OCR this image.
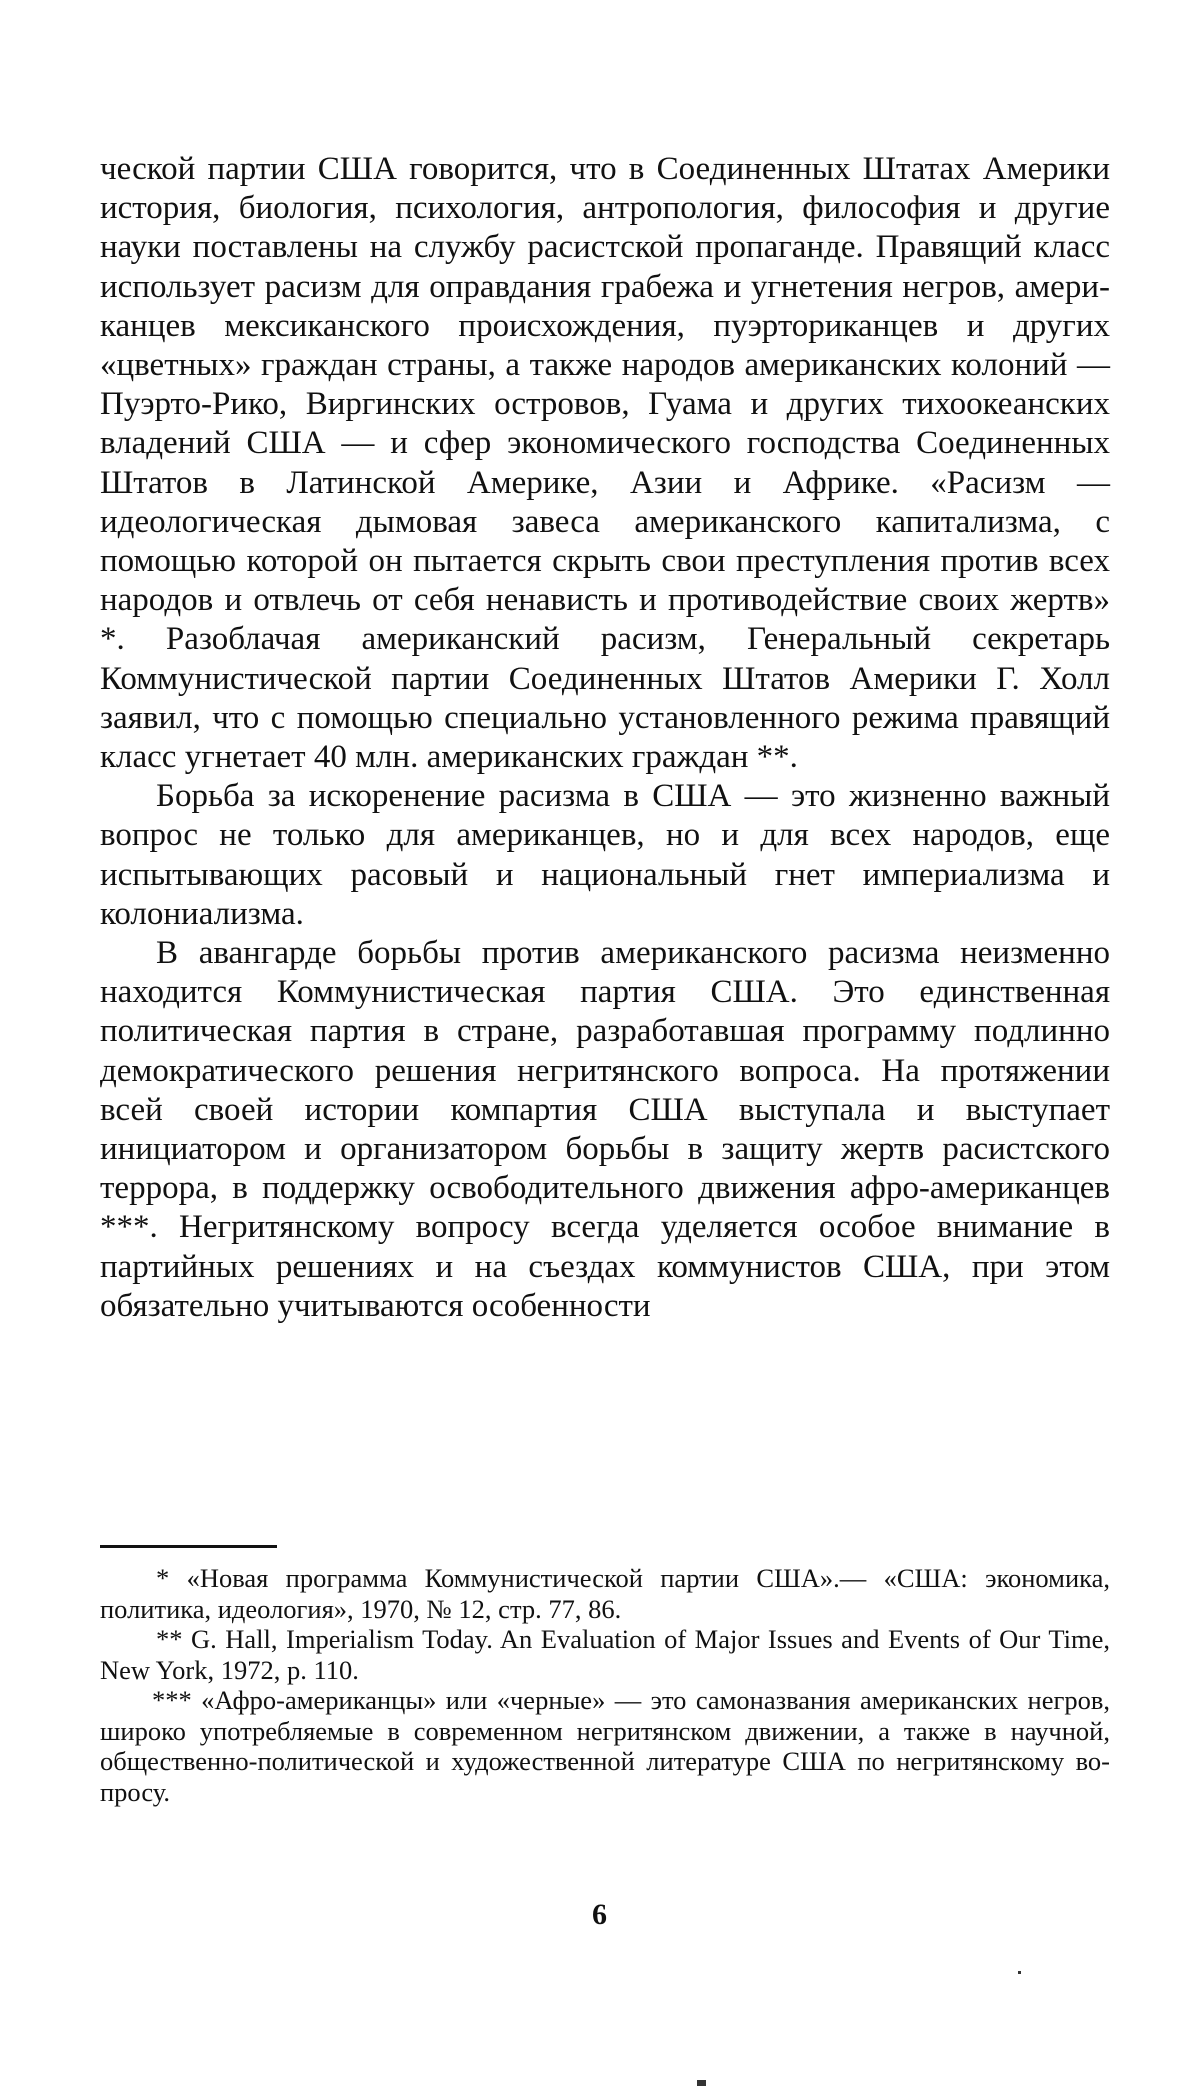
ческой партии США говорится, что в Соединенных Штатах Америки история, биология, психология, антропология, философия и другие науки поставлены на службу расистской пропаганде. Правящий класс использует расизм для оправдания грабежа и угнетения негров, американцев мексиканского происхождения, пуэрториканцев и других «цветных» граждан страны, а также народов американских колоний — Пуэрто-Рико, Виргинских островов, Гуама и других тихоокеанских владений США — и сфер экономического господства Соединенных Штатов в Латинской Америке, Азии и Африке. «Расизм — идеологическая дымовая завеса американского капитализма, с помощью которой он пытается скрыть свои преступления против всех народов и отвлечь от себя ненависть и противодействие своих жертв» *. Разоблачая американский расизм, Генеральный секретарь Коммунистической партии Соединенных Штатов Америки Г. Холл заявил, что с помощью специально установленного режима правящий класс угнетает 40 млн. американских граждан **.

Борьба за искоренение расизма в США — это жизненно важный вопрос не только для американцев, но и для всех народов, еще испытывающих расовый и национальный гнет империализма и колониализма.

В авангарде борьбы против американского расизма неизменно находится Коммунистическая партия США. Это единственная политическая партия в стране, разработавшая программу подлинно демократического решения негритянского вопроса. На протяжении всей своей истории компартия США выступала и выступает инициатором и организатором борьбы в защиту жертв расистского террора, в поддержку освободительного движения афро-американцев ***. Негритянскому вопросу всегда уделяется особое внимание в партийных решениях и на съездах коммунистов США, при этом обязательно учитываются особенности

* «Новая программа Коммунистической партии США».— «США: экономика, политика, идеология», 1970, № 12, стр. 77, 86.

** G. Hall, Imperialism Today. An Evaluation of Major Issues and Events of Our Time, New York, 1972, p. 110.

*** «Афро-американцы» или «черные» — это самоназвания американских негров, широко употребляемые в современном негритянском движении, а также в научной, общественно-политической и художественной литературе США по негритянскому вопросу.

6
